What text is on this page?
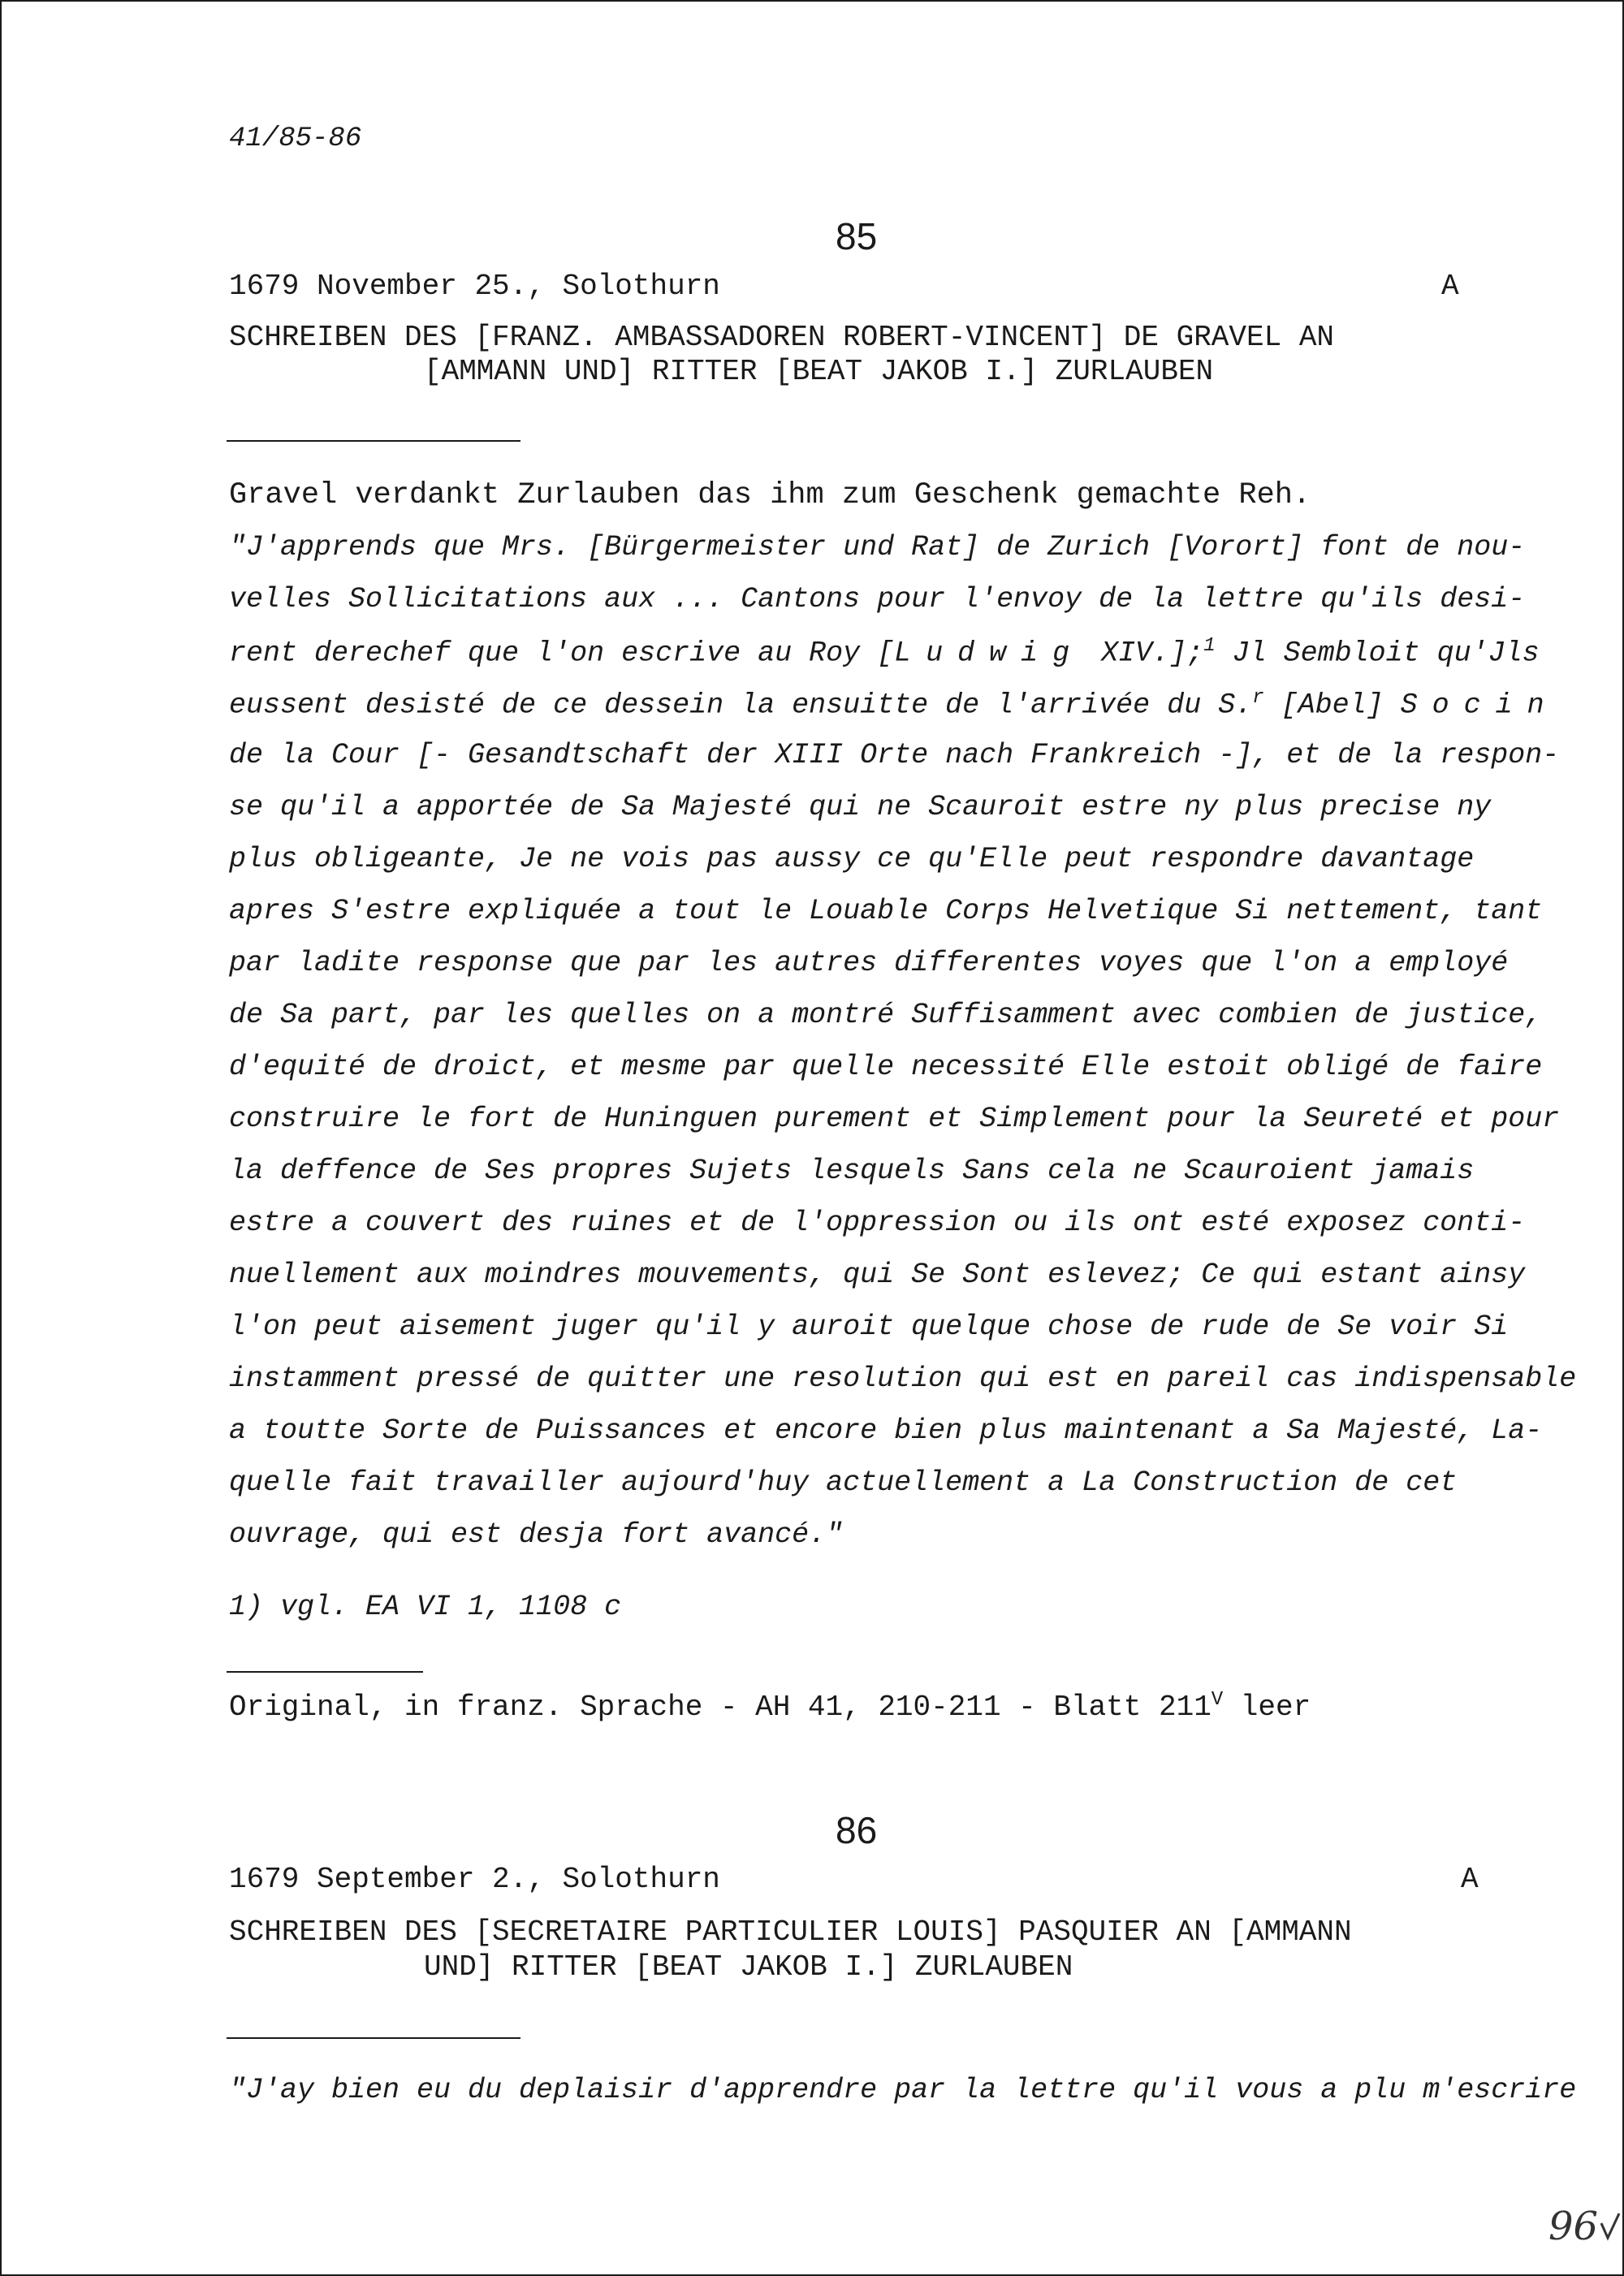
41/85-86
85
1679 November 25., Solothurn	A
SCHREIBEN DES [FRANZ. AMBASSADOREN ROBERT-VINCENT] DE GRAVEL AN
[AMMANN UND] RITTER [BEAT JAKOB I.] ZURLAUBEN
Gravel verdankt Zurlauben das ihm zum Geschenk gemachte Reh.
"J'apprends que Mrs. [Bürgermeister und Rat] de Zurich [Vorort] font de nou-
velles Sollicitations aux ... Cantons pour l'envoy de la lettre qu'ils desi-
rent derechef que l'on escrive au Roy [Ludwig XIV.];$^1$ Jl Sembloit qu'Jls
eussent desisté de ce dessein la ensuitte de l'arrivée du S.$^r$ [Abel] Socin
de la Cour [- Gesandtschaft der XIII Orte nach Frankreich -], et de la respon-
se qu'il a apportée de Sa Majesté qui ne Scauroit estre ny plus precise ny
plus obligeante, Je ne vois pas aussy ce qu'Elle peut respondre davantage
apres S'estre expliquée a tout le Louable Corps Helvetique Si nettement, tant
par ladite response que par les autres differentes voyes que l'on a employé
de Sa part, par les quelles on a montré Suffisamment avec combien de justice,
d'equité de droict, et mesme par quelle necessité Elle estoit obligé de faire
construire le fort de Huninguen purement et Simplement pour la Seureté et pour
la deffence de Ses propres Sujets lesquels Sans cela ne Scauroient jamais
estre a couvert des ruines et de l'oppression ou ils ont esté exposez conti-
nuellement aux moindres mouvements, qui Se Sont eslevez; Ce qui estant ainsy
l'on peut aisement juger qu'il y auroit quelque chose de rude de Se voir Si
instamment pressé de quitter une resolution qui est en pareil cas indispensable
a toutte Sorte de Puissances et encore bien plus maintenant a Sa Majesté, La-
quelle fait travailler aujourd'huy actuellement a La Construction de cet
ouvrage, qui est desja fort avancé."
1) vgl. EA VI 1, 1108 c
Original, in franz. Sprache - AH 41, 210-211 - Blatt $211^V$ leer
86
1679 September 2., Solothurn	A
SCHREIBEN DES [SECRETAIRE PARTICULIER LOUIS] PASQUIER AN [AMMANN
UND] RITTER [BEAT JAKOB I.] ZURLAUBEN
"J'ay bien eu du deplaisir d'apprendre par la lettre qu'il vous a plu m'escrire
96
